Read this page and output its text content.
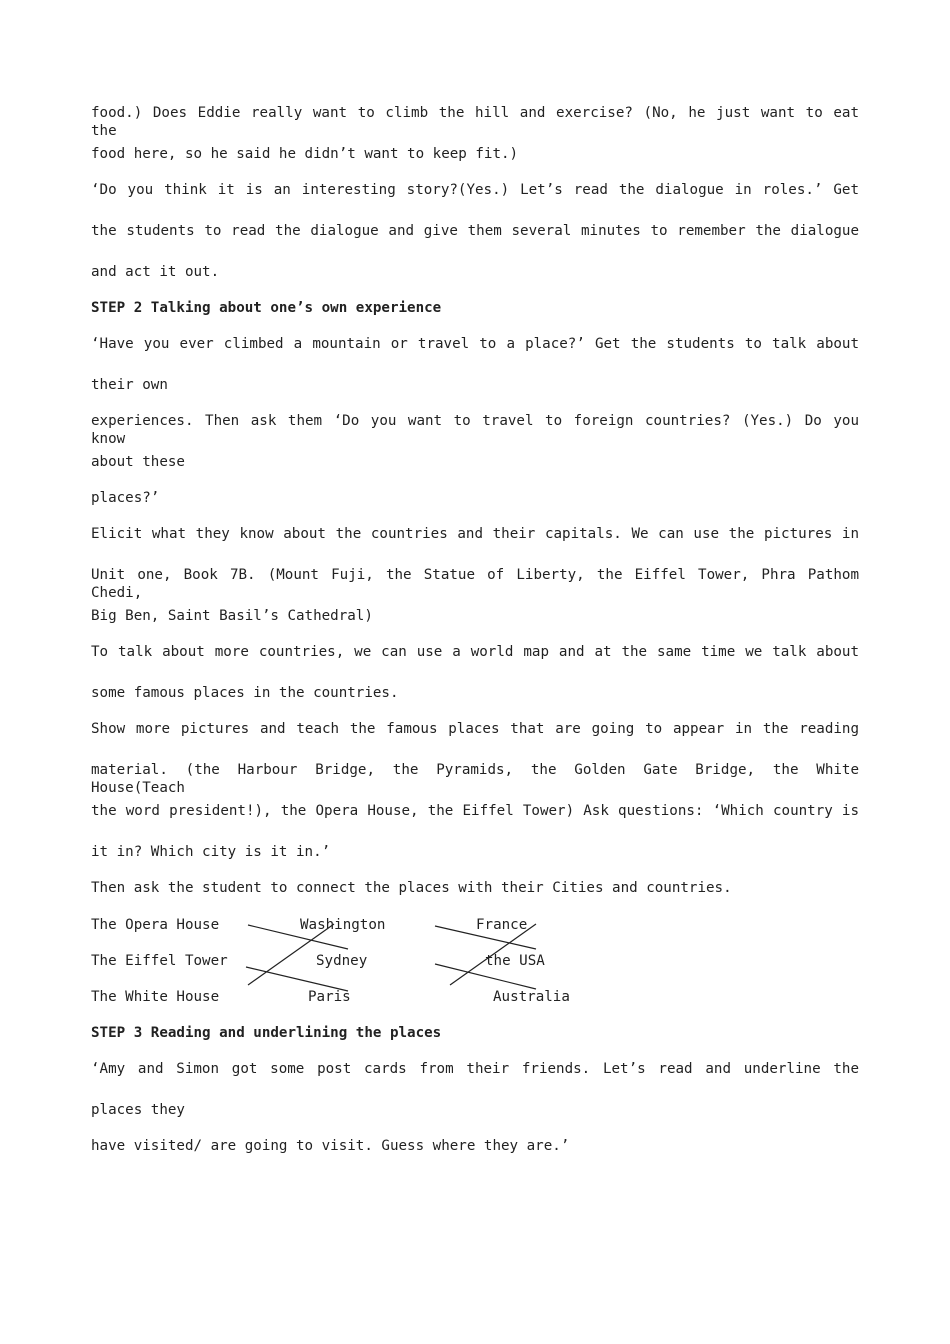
food.) Does Eddie really want to climb the hill and exercise? (No, he just want to eat the
food here, so he said he didn’t want to keep fit.)
‘Do you think it is an interesting story?(Yes.) Let’s read the dialogue in roles.’ Get
the students to read the dialogue and give them several minutes to remember the dialogue
and act it out.
STEP 2 Talking about one’s own experience
‘Have you ever climbed a mountain or travel to a place?’ Get the students to talk about
their own
experiences. Then ask them ‘Do you want to travel to foreign countries? (Yes.) Do you know
about these
places?’
Elicit what they know about the countries and their capitals. We can use the pictures in
Unit one, Book 7B. (Mount Fuji, the Statue of Liberty, the Eiffel Tower, Phra Pathom Chedi,
Big Ben, Saint Basil’s Cathedral)
To talk about more countries, we can use a world map and at the same time we talk about
some famous places in the countries.
Show more pictures and teach the famous places that are going to appear in the reading
material. (the Harbour Bridge, the Pyramids, the Golden Gate Bridge, the White House(Teach
the word president!), the Opera House, the Eiffel Tower) Ask questions: ‘Which country is
it in? Which city is it in.’
Then ask the student to connect the places with their Cities and countries.
The Opera House
The Eiffel Tower
The White House
Washington
Sydney
Paris
France
the USA
Australia
STEP 3 Reading and underlining the places
‘Amy and Simon got some post cards from their friends. Let’s read and underline the
places they
have visited/ are going to visit. Guess where they are.’
